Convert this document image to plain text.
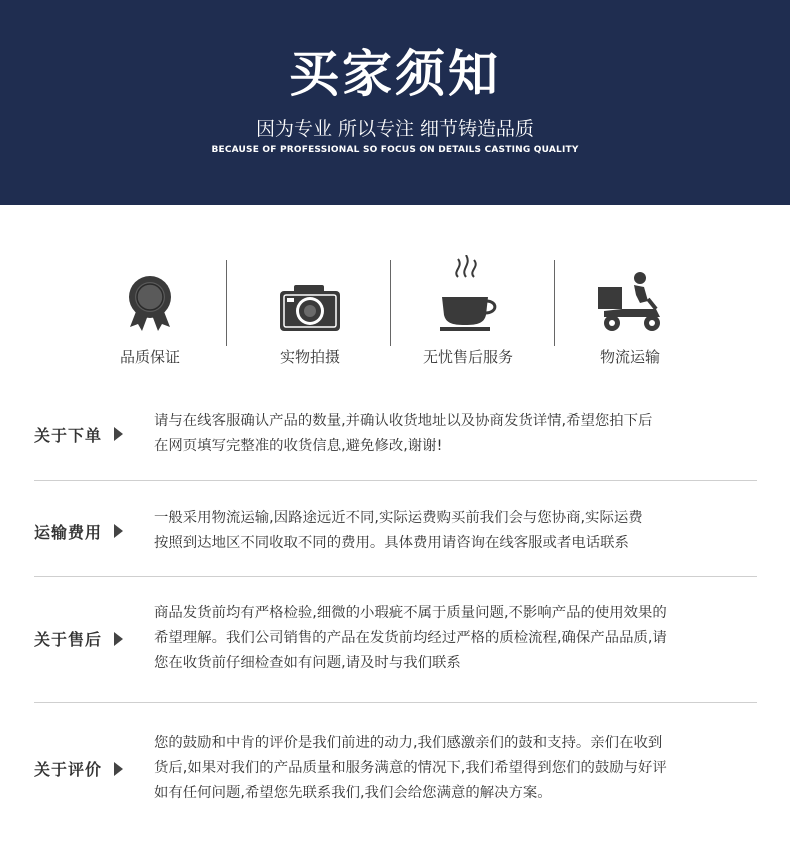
买家须知
因为专业 所以专注 细节铸造品质
BECAUSE OF PROFESSIONAL SO FOCUS ON DETAILS CASTING QUALITY
品质保证	实物拍摄	无忧售后服务	物流运输
关于下单
请与在线客服确认产品的数量,并确认收货地址以及协商发货详情,希望您拍下后
在网页填写完整准的收货信息,避免修改,谢谢!
运输费用
一般采用物流运输,因路途远近不同,实际运费购买前我们会与您协商,实际运费
按照到达地区不同收取不同的费用。具体费用请咨询在线客服或者电话联系
关于售后
商品发货前均有严格检验,细微的小瑕疵不属于质量问题,不影响产品的使用效果的
希望理解。我们公司销售的产品在发货前均经过严格的质检流程,确保产品品质,请
您在收货前仔细检查如有问题,请及时与我们联系
关于评价
您的鼓励和中肯的评价是我们前进的动力,我们感激亲们的鼓和支持。亲们在收到
货后,如果对我们的产品质量和服务满意的情况下,我们希望得到您们的鼓励与好评
如有任何问题,希望您先联系我们,我们会给您满意的解决方案。
